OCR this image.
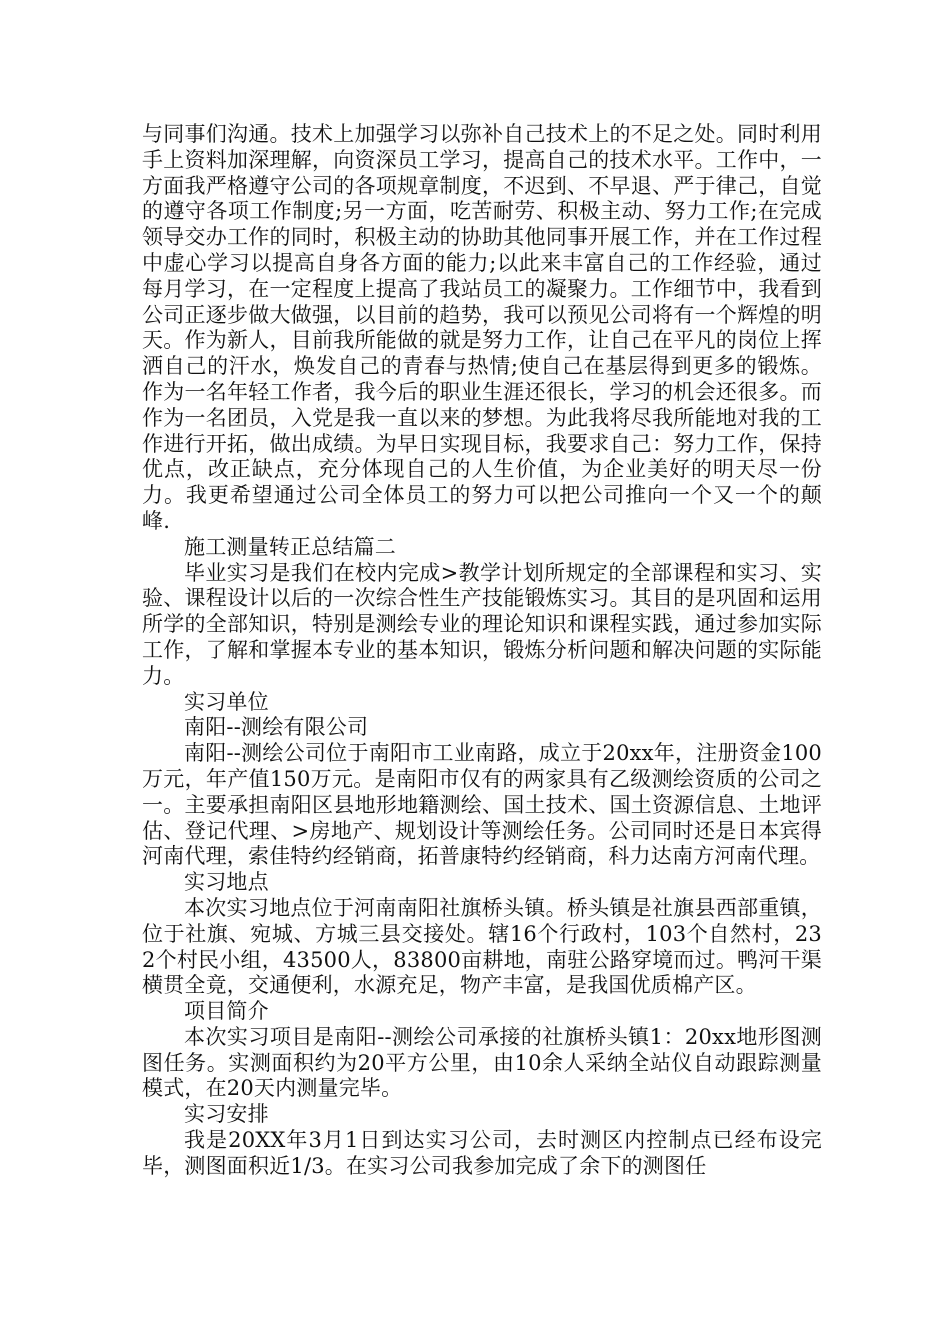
与同事们沟通。技术上加强学习以弥补自己技术上的不足之处。同时利用手上资料加深理解，向资深员工学习，提高自己的技术水平。工作中，一方面我严格遵守公司的各项规章制度，不迟到、不早退、严于律己，自觉的遵守各项工作制度;另一方面，吃苦耐劳、积极主动、努力工作;在完成领导交办工作的同时，积极主动的协助其他同事开展工作，并在工作过程中虚心学习以提高自身各方面的能力;以此来丰富自己的工作经验，通过每月学习，在一定程度上提高了我站员工的凝聚力。工作细节中，我看到公司正逐步做大做强，以目前的趋势，我可以预见公司将有一个辉煌的明天。作为新人，目前我所能做的就是努力工作，让自己在平凡的岗位上挥洒自己的汗水，焕发自己的青春与热情;使自己在基层得到更多的锻炼。作为一名年轻工作者，我今后的职业生涯还很长，学习的机会还很多。而作为一名团员，入党是我一直以来的梦想。为此我将尽我所能地对我的工作进行开拓，做出成绩。为早日实现目标，我要求自己：努力工作，保持优点，改正缺点，充分体现自己的人生价值，为企业美好的明天尽一份力。我更希望通过公司全体员工的努力可以把公司推向一个又一个的颠峰.

施工测量转正总结篇二

毕业实习是我们在校内完成>教学计划所规定的全部课程和实习、实验、课程设计以后的一次综合性生产技能锻炼实习。其目的是巩固和运用所学的全部知识，特别是测绘专业的理论知识和课程实践，通过参加实际工作，了解和掌握本专业的基本知识，锻炼分析问题和解决问题的实际能力。

实习单位

南阳--测绘有限公司

南阳--测绘公司位于南阳市工业南路，成立于20xx年，注册资金100万元，年产值150万元。是南阳市仅有的两家具有乙级测绘资质的公司之一。主要承担南阳区县地形地籍测绘、国土技术、国土资源信息、土地评估、登记代理、>房地产、规划设计等测绘任务。公司同时还是日本宾得河南代理，索佳特约经销商，拓普康特约经销商，科力达南方河南代理。

实习地点

本次实习地点位于河南南阳社旗桥头镇。桥头镇是社旗县西部重镇，位于社旗、宛城、方城三县交接处。辖16个行政村，103个自然村，232个村民小组，43500人，83800亩耕地，南驻公路穿境而过。鸭河干渠横贯全竟，交通便利，水源充足，物产丰富，是我国优质棉产区。

项目简介

本次实习项目是南阳--测绘公司承接的社旗桥头镇1：20xx地形图测图任务。实测面积约为20平方公里，由10余人采纳全站仪自动跟踪测量模式，在20天内测量完毕。

实习安排

我是20XX年3月1日到达实习公司，去时测区内控制点已经布设完毕，测图面积近1/3。在实习公司我参加完成了余下的测图任
